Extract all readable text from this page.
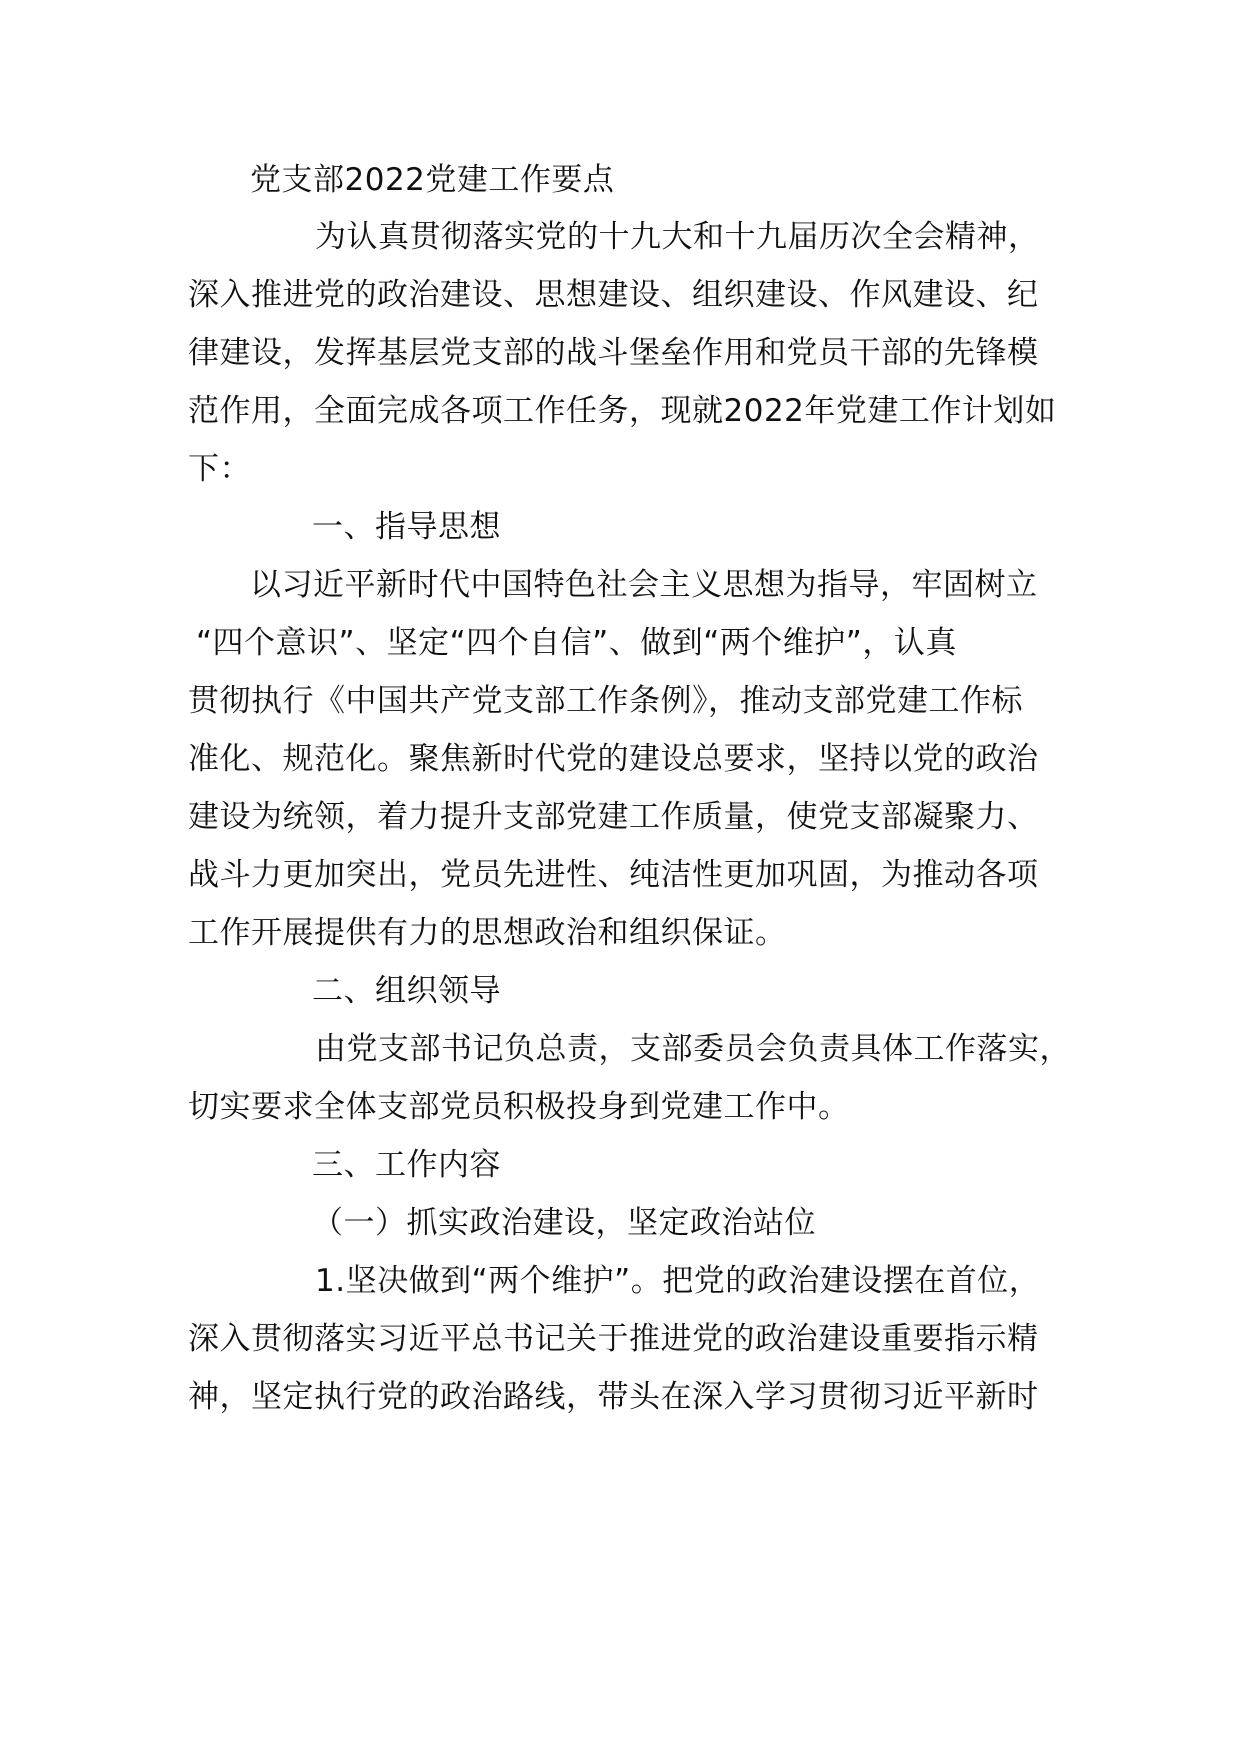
党支部2022党建工作要点
为认真贯彻落实党的十九大和十九届历次全会精神，
深入推进党的政治建设、思想建设、组织建设、作风建设、纪
律建设，发挥基层党支部的战斗堡垒作用和党员干部的先锋模
范作用，全面完成各项工作任务，现就2022年党建工作计划如
下：
一、指导思想
以习近平新时代中国特色社会主义思想为指导，牢固树立
“四个意识”、坚定“四个自信”、做到“两个维护”，认真
贯彻执行《中国共产党支部工作条例》，推动支部党建工作标
准化、规范化。聚焦新时代党的建设总要求，坚持以党的政治
建设为统领，着力提升支部党建工作质量，使党支部凝聚力、
战斗力更加突出，党员先进性、纯洁性更加巩固，为推动各项
工作开展提供有力的思想政治和组织保证。
二、组织领导
由党支部书记负总责，支部委员会负责具体工作落实，
切实要求全体支部党员积极投身到党建工作中。
三、工作内容
（一）抓实政治建设，坚定政治站位
1.坚决做到“两个维护”。把党的政治建设摆在首位，
深入贯彻落实习近平总书记关于推进党的政治建设重要指示精
神，坚定执行党的政治路线，带头在深入学习贯彻习近平新时
